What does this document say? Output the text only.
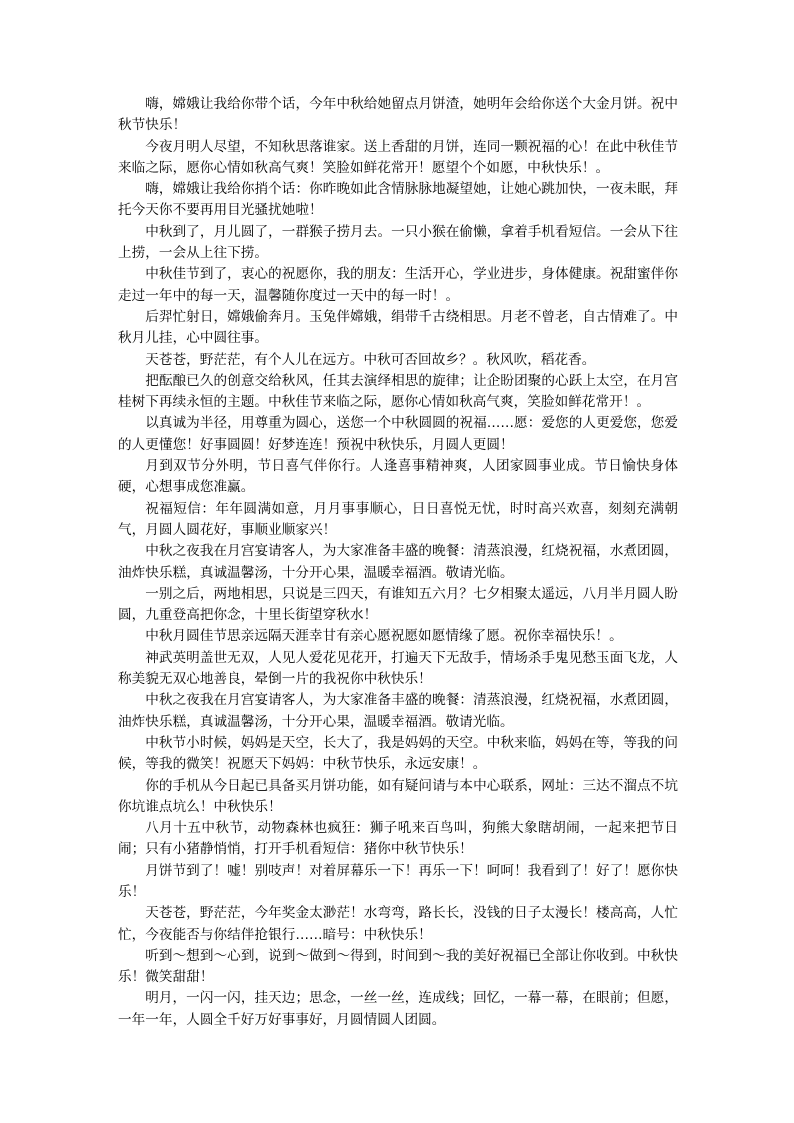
嗨，嫦娥让我给你带个话，今年中秋给她留点月饼渣，她明年会给你送个大金月饼。祝中秋节快乐！

今夜月明人尽望，不知秋思落谁家。送上香甜的月饼，连同一颗祝福的心！在此中秋佳节来临之际，愿你心情如秋高气爽！笑脸如鲜花常开！愿望个个如愿，中秋快乐！。

嗨，嫦娥让我给你捎个话：你昨晚如此含情脉脉地凝望她，让她心跳加快，一夜未眠，拜托今天你不要再用目光骚扰她啦！

中秋到了，月儿圆了，一群猴子捞月去。一只小猴在偷懒，拿着手机看短信。一会从下往上捞，一会从上往下捞。

中秋佳节到了，衷心的祝愿你，我的朋友：生活开心，学业进步，身体健康。祝甜蜜伴你走过一年中的每一天，温馨随你度过一天中的每一时！。

后羿忙射日，嫦娥偷奔月。玉兔伴嫦娥，绢带千古绕相思。月老不曾老，自古情难了。中秋月儿挂，心中圆往事。

天苍苍，野茫茫，有个人儿在远方。中秋可否回故乡？。秋风吹，稻花香。

把酝酿已久的创意交给秋风，任其去演绎相思的旋律；让企盼团聚的心跃上太空，在月宫桂树下再续永恒的主题。中秋佳节来临之际，愿你心情如秋高气爽，笑脸如鲜花常开！。

以真诚为半径，用尊重为圆心，送您一个中秋圆圆的祝福……愿：爱您的人更爱您，您爱的人更懂您！好事圆圆！好梦连连！预祝中秋快乐，月圆人更圆！

月到双节分外明，节日喜气伴你行。人逢喜事精神爽，人团家圆事业成。节日愉快身体硬，心想事成您准赢。

祝福短信：年年圆满如意，月月事事顺心，日日喜悦无忧，时时高兴欢喜，刻刻充满朝气，月圆人圆花好，事顺业顺家兴！

中秋之夜我在月宫宴请客人，为大家准备丰盛的晚餐：清蒸浪漫，红烧祝福，水煮团圆，油炸快乐糕，真诚温馨汤，十分开心果，温暖幸福酒。敬请光临。

一别之后，两地相思，只说是三四天，有谁知五六月？七夕相聚太遥远，八月半月圆人盼圆，九重登高把你念，十里长街望穿秋水！

中秋月圆佳节思亲远隔天涯幸甘有亲心愿祝愿如愿情缘了愿。祝你幸福快乐！。

神武英明盖世无双，人见人爱花见花开，打遍天下无敌手，情场杀手鬼见愁玉面飞龙，人称美貌无双心地善良，晕倒一片的我祝你中秋快乐！

中秋之夜我在月宫宴请客人，为大家准备丰盛的晚餐：清蒸浪漫，红烧祝福，水煮团圆，油炸快乐糕，真诚温馨汤，十分开心果，温暖幸福酒。敬请光临。

中秋节小时候，妈妈是天空，长大了，我是妈妈的天空。中秋来临，妈妈在等，等我的问候，等我的微笑！祝愿天下妈妈：中秋节快乐，永远安康！。

你的手机从今日起已具备买月饼功能，如有疑问请与本中心联系，网址：三达不溜点不坑你坑谁点坑么！中秋快乐！

八月十五中秋节，动物森林也疯狂：狮子吼来百鸟叫，狗熊大象瞎胡闹，一起来把节日闹；只有小猪静悄悄，打开手机看短信：猪你中秋节快乐！

月饼节到了！嘘！别吱声！对着屏幕乐一下！再乐一下！呵呵！我看到了！好了！愿你快乐！

天苍苍，野茫茫，今年奖金太渺茫！水弯弯，路长长，没钱的日子太漫长！楼高高，人忙忙，今夜能否与你结伴抢银行……暗号：中秋快乐！

听到～想到～心到，说到～做到～得到，时间到～我的美好祝福已全部让你收到。中秋快乐！微笑甜甜！

明月，一闪一闪，挂天边；思念，一丝一丝，连成线；回忆，一幕一幕，在眼前；但愿，一年一年，人圆全千好万好事事好，月圆情圆人团圆。
